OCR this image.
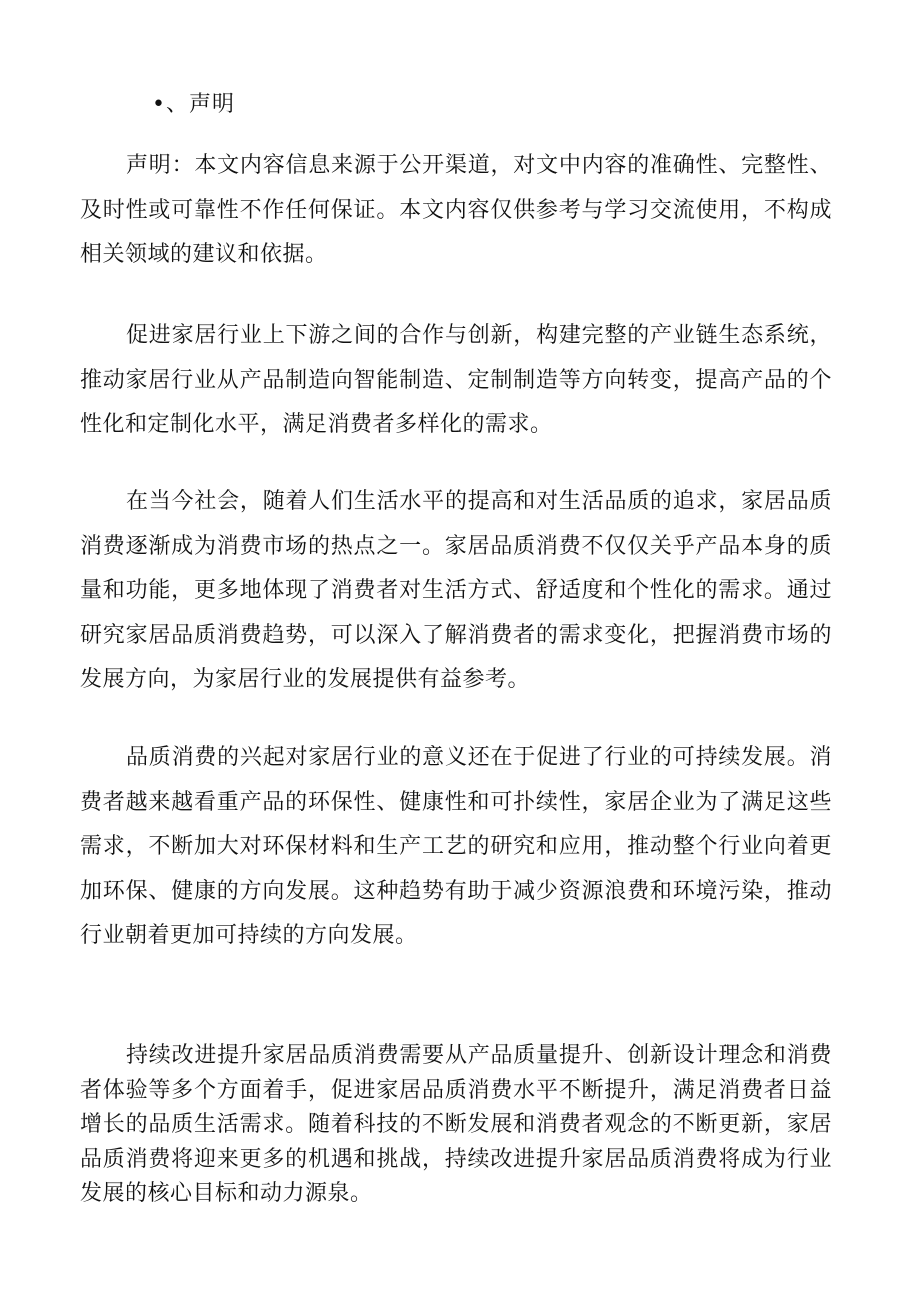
•、声明

声明：本文内容信息来源于公开渠道，对文中内容的准确性、完整性、及时性或可靠性不作任何保证。本文内容仅供参考与学习交流使用，不构成相关领域的建议和依据。

促进家居行业上下游之间的合作与创新，构建完整的产业链生态系统，推动家居行业从产品制造向智能制造、定制制造等方向转变，提高产品的个性化和定制化水平，满足消费者多样化的需求。

在当今社会，随着人们生活水平的提高和对生活品质的追求，家居品质消费逐渐成为消费市场的热点之一。家居品质消费不仅仅关乎产品本身的质量和功能，更多地体现了消费者对生活方式、舒适度和个性化的需求。通过研究家居品质消费趋势，可以深入了解消费者的需求变化，把握消费市场的发展方向，为家居行业的发展提供有益参考。

品质消费的兴起对家居行业的意义还在于促进了行业的可持续发展。消费者越来越看重产品的环保性、健康性和可扑续性，家居企业为了满足这些需求，不断加大对环保材料和生产工艺的研究和应用，推动整个行业向着更加环保、健康的方向发展。这种趋势有助于减少资源浪费和环境污染，推动行业朝着更加可持续的方向发展。

持续改进提升家居品质消费需要从产品质量提升、创新设计理念和消费者体验等多个方面着手，促进家居品质消费水平不断提升，满足消费者日益增长的品质生活需求。随着科技的不断发展和消费者观念的不断更新，家居品质消费将迎来更多的机遇和挑战，持续改进提升家居品质消费将成为行业发展的核心目标和动力源泉。
